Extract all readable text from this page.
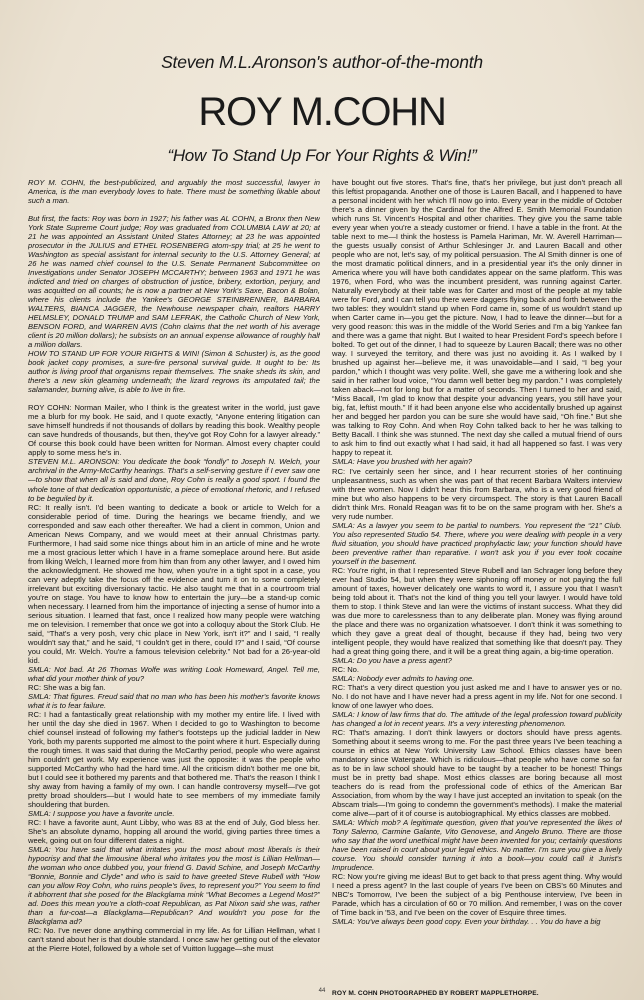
Steven M.L.Aronson's author-of-the-month
ROY M.COHN
“How To Stand Up For Your Rights & Win!”

ROY M. COHN, the best-publicized, and arguably the most successful, lawyer in America, is the man everybody loves to hate. There must be something likable about such a man.

But first, the facts: Roy was born in 1927; his father was AL COHN, a Bronx then New York State Supreme Court judge; Roy was graduated from COLUMBIA LAW at 20; at 21 he was appointed an Assistant United States Attorney; at 23 he was appointed prosecutor in the JULIUS and ETHEL ROSENBERG atom-spy trial; at 25 he went to Washington as special assistant for internal security to the U.S. Attorney General; at 26 he was named chief counsel to the U.S. Senate Permanent Subcommittee on Investigations under Senator JOSEPH MCCARTHY; between 1963 and 1971 he was indicted and tried on charges of obstruction of justice, bribery, extortion, perjury, and was acquitted on all counts; he is now a partner at New York's Saxe, Bacon & Bolan, where his clients include the Yankee's GEORGE STEINBRENNER, BARBARA WALTERS, BIANCA JAGGER, the Newhouse newspaper chain, realtors HARRY HELMSLEY, DONALD TRUMP and SAM LEFRAK, the Catholic Church of New York, BENSON FORD, and WARREN AVIS (Cohn claims that the net worth of his average client is 20 million dollars); he subsists on an annual expense allowance of roughly half a million dollars.

HOW TO STAND UP FOR YOUR RIGHTS & WIN! (Simon & Schuster) is, as the good book jacket copy promises, a sure-fire personal survival guide. It ought to be: Its author is living proof that organisms repair themselves. The snake sheds its skin, and there's a new skin gleaming underneath; the lizard regrows its amputated tail; the salamander, burning alive, is able to live in fire.

ROY COHN: Norman Mailer, who I think is the greatest writer in the world, just gave me a blurb for my book. He said, and I quote exactly, “Anyone entering litigation can save himself hundreds if not thousands of dollars by reading this book. Wealthy people can save hundreds of thousands, but then, they've got Roy Cohn for a lawyer already.” Of course this book could have been written for Norman. Almost every chapter could apply to some mess he's in.

STEVEN M.L. ARONSON: You dedicate the book “fondly” to Joseph N. Welch, your archrival in the Army-McCarthy hearings. That's a self-serving gesture if I ever saw one—to show that when all is said and done, Roy Cohn is really a good sport. I found the whole tone of that dedication opportunistic, a piece of emotional rhetoric, and I refused to be beguiled by it.

RC: It really isn't. I'd been wanting to dedicate a book or article to Welch for a considerable period of time. During the hearings we became friendly, and we corresponded and saw each other thereafter. We had a client in common, Union and American News Company, and we would meet at their annual Christmas party. Furthermore, I had said some nice things about him in an article of mine and he wrote me a most gracious letter which I have in a frame someplace around here. But aside from liking Welch, I learned more from him than from any other lawyer, and I owed him the acknowledgment. He showed me how, when you're in a tight spot in a case, you can very adeptly take the focus off the evidence and turn it on to some completely irrelevant but exciting diversionary tactic. He also taught me that in a courtroom trial you're on stage. You have to know how to entertain the jury—be a stand-up comic when necessary. I learned from him the importance of injecting a sense of humor into a serious situation. I learned that fast, once I realized how many people were watching me on television. I remember that once we got into a colloquy about the Stork Club. He said, “That's a very posh, very chic place in New York, isn't it?” and I said, “I really wouldn't say that,” and he said, “I couldn't get in there, could I?” and I said, “Of course you could, Mr. Welch. You're a famous television celebrity.” Not bad for a 26-year-old kid.

SMLA: Not bad. At 26 Thomas Wolfe was writing Look Homeward, Angel. Tell me, what did your mother think of you?

RC: She was a big fan.

SMLA: That figures. Freud said that no man who has been his mother's favorite knows what it is to fear failure.

RC: I had a fantastically great relationship with my mother my entire life. I lived with her until the day she died in 1967. When I decided to go to Washington to become chief counsel instead of following my father's footsteps up the judicial ladder in New York, both my parents supported me almost to the point where it hurt. Especially during the rough times. It was said that during the McCarthy period, people who were against him couldn't get work. My experience was just the opposite: it was the people who supported McCarthy who had the hard time. All the criticism didn't bother me one bit, but I could see it bothered my parents and that bothered me. That's the reason I think I shy away from having a family of my own. I can handle controversy myself—I've got pretty broad shoulders—but I would hate to see members of my immediate family shouldering that burden.

SMLA: I suppose you have a favorite uncle.

RC: I have a favorite aunt, Aunt Libby, who was 83 at the end of July, God bless her. She's an absolute dynamo, hopping all around the world, giving parties three times a week, going out on four different dates a night.

SMLA: You have said that what irritates you the most about most liberals is their hypocrisy and that the limousine liberal who irritates you the most is Lillian Hellman—the woman who once dubbed you, your friend G. David Schine, and Joseph McCarthy “Bonnie, Bonnie and Clyde” and who is said to have greeted Steve Rubell with “How can you allow Roy Cohn, who ruins people's lives, to represent you?” You seem to find it abhorrent that she posed for the Blackglama mink “What Becomes a Legend Most?” ad. Does this mean you're a cloth-coat Republican, as Pat Nixon said she was, rather than a fur-coat—a Blackglama—Republican? And wouldn't you pose for the Blackglama ad?

RC: No. I've never done anything commercial in my life. As for Lillian Hellman, what I can't stand about her is that double standard. I once saw her getting out of the elevator at the Pierre Hotel, followed by a whole set of Vuitton luggage—she must

have bought out five stores. That's fine, that's her privilege, but just don't preach all this leftist propaganda. Another one of those is Lauren Bacall, and I happened to have a personal incident with her which I'll now go into. Every year in the middle of October there's a dinner given by the Cardinal for the Alfred E. Smith Memorial Foundation which runs St. Vincent's Hospital and other charities. They give you the same table every year when you're a steady customer or friend. I have a table in the front. At the table next to me—I think the hostess is Pamela Hariman, Mr. W. Averell Harriman—the guests usually consist of Arthur Schlesinger Jr. and Lauren Bacall and other people who are not, let's say, of my political persuasion. The Al Smith dinner is one of the most dramatic political dinners, and in a presidential year it's the only dinner in America where you will have both candidates appear on the same platform. This was 1976, when Ford, who was the incumbent president, was running against Carter. Naturally everybody at their table was for Carter and most of the people at my table were for Ford, and I can tell you there were daggers flying back and forth between the two tables: they wouldn't stand up when Ford came in, some of us wouldn't stand up when Carter came in—you get the picture. Now, I had to leave the dinner—but for a very good reason: this was in the middle of the World Series and I'm a big Yankee fan and there was a game that night. But I waited to hear President Ford's speech before I bolted. To get out of the dinner, I had to squeeze by Lauren Bacall; there was no other way. I surveyed the territory, and there was just no avoiding it. As I walked by I brushed up against her—believe me, it was unavoidable—and I said, “I beg your pardon,” which I thought was very polite. Well, she gave me a withering look and she said in her rather loud voice, “You damn well better beg my pardon.” I was completely taken aback—not for long but for a matter of seconds. Then I turned to her and said, “Miss Bacall, I'm glad to know that despite your advancing years, you still have your big, fat, leftist mouth.” If it had been anyone else who accidentally brushed up against her and begged her pardon you can be sure she would have said, “Oh fine.” But she was talking to Roy Cohn. And when Roy Cohn talked back to her he was talking to Betty Bacall. I think she was stunned. The next day she called a mutual friend of ours to ask him to find out exactly what I had said, it had all happened so fast. I was very happy to repeat it.

SMLA: Have you brushed with her again?

RC: I've certainly seen her since, and I hear recurrent stories of her continuing unpleasantness, such as when she was part of that recent Barbara Walters interview with three women. Now I didn't hear this from Barbara, who is a very good friend of mine but who also happens to be very circumspect. The story is that Lauren Bacall didn't think Mrs. Ronald Reagan was fit to be on the same program with her. She's a very rude number.

SMLA: As a lawyer you seem to be partial to numbers. You represent the “21” Club. You also represented Studio 54. There, where you were dealing with people in a very fluid situation, you should have practiced prophylactic law; your function should have been preventive rather than reparative. I won't ask you if you ever took cocaine yourself in the basement.

RC: You're right, in that I represented Steve Rubell and Ian Schrager long before they ever had Studio 54, but when they were siphoning off money or not paying the full amount of taxes, however delicately one wants to word it, I assure you that I wasn't being told about it. That's not the kind of thing you tell your lawyer. I would have told them to stop. I think Steve and Ian were the victims of instant success. What they did was due more to carelessness than to any deliberate plan. Money was flying around the place and there was no organization whatsoever. I don't think it was something to which they gave a great deal of thought, because if they had, being two very intelligent people, they would have realized that something like that doesn't pay. They had a great thing going there, and it will be a great thing again, a big-time operation.

SMLA: Do you have a press agent?

RC: No.

SMLA: Nobody ever admits to having one.

RC: That's a very direct question you just asked me and I have to answer yes or no. No. I do not have and I have never had a press agent in my life. Not for one second. I know of one lawyer who does.

SMLA: I know of law firms that do. The attitude of the legal profession toward publicity has changed a lot in recent years. It's a very interesting phenomenon.

RC: That's amazing. I don't think lawyers or doctors should have press agents. Something about it seems wrong to me. For the past three years I've been teaching a course in ethics at New York University Law School. Ethics classes have been mandatory since Watergate. Which is ridiculous—that people who have come so far as to be in law school should have to be taught by a teacher to be honest! Things must be in pretty bad shape. Most ethics classes are boring because all most teachers do is read from the professional code of ethics of the American Bar Association, from whom by the way I have just accepted an invitation to speak (on the Abscam trials—I'm going to condemn the government's methods). I make the material come alive—part of it of course is autobiographical. My ethics classes are mobbed.

SMLA: Which mob? A legitimate question, given that you've represented the likes of Tony Salerno, Carmine Galante, Vito Genovese, and Angelo Bruno. There are those who say that the word unethical might have been invented for you; certainly questions have been raised in court about your legal ethics. No matter. I'm sure you give a lively course. You should consider turning it into a book—you could call it Jurist's Imprudence.

RC: Now you're giving me ideas! But to get back to that press agent thing. Why would I need a press agent? In the last couple of years I've been on CBS's 60 Minutes and NBC's Tomorrow, I've been the subject of a big Penthouse interview, I've been in Parade, which has a circulation of 60 or 70 million. And remember, I was on the cover of Time back in '53, and I've been on the cover of Esquire three times.

SMLA: You've always been good copy. Even your birthday. . . You do have a big

ROY M. COHN PHOTOGRAPHED BY ROBERT MAPPLETHORPE.
44
